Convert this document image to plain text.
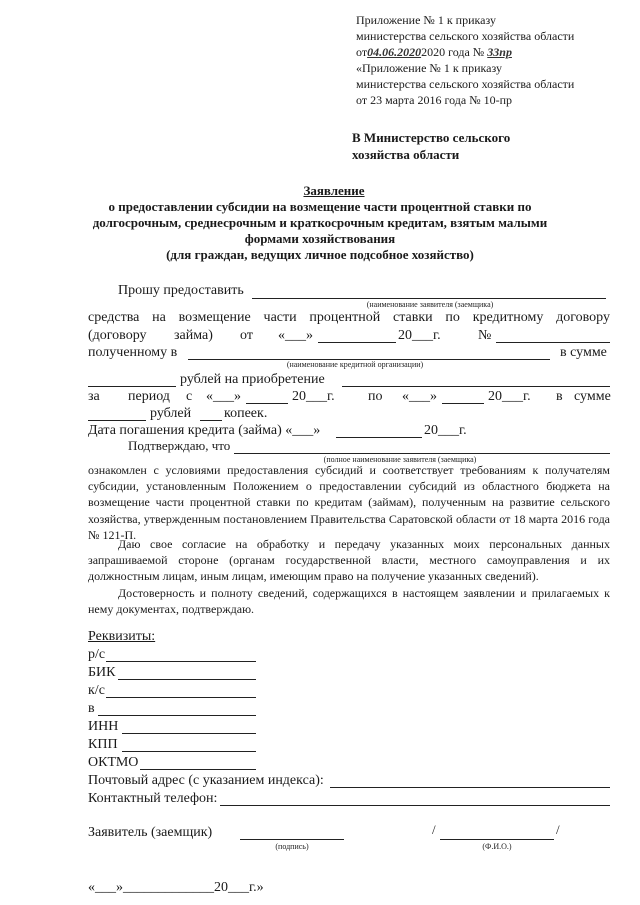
Приложение № 1 к приказу
министерства сельского хозяйства области
от04.06.20202020 года № 33пр
«Приложение № 1 к приказу
министерства сельского хозяйства области
от 23 марта 2016 года № 10-пр
В Министерство сельского
хозяйства области
Заявление
о предоставлении субсидии на возмещение части процентной ставки по
долгосрочным, среднесрочным и краткосрочным кредитам, взятым малыми
формами хозяйствования
(для граждан, ведущих личное подсобное хозяйство)
Прошу предоставить
(наименование заявителя (заемщика)
средства на возмещение части процентной ставки по кредитному договору
(договору займа) от «___»	20___г.	№
полученному в	в сумме
(наименование кредитной организации)
рублей на приобретение
за период с «___»	20___г. по «___»	20___г. в сумме
рублей копеек.
Дата погашения кредита (займа) «___»	20___г.
Подтверждаю, что
(полное наименование заявителя (заемщика)
ознакомлен с условиями предоставления субсидий и соответствует требованиям к получателям субсидии, установленным Положением о предоставлении субсидий из областного бюджета на возмещение части процентной ставки по кредитам (займам), полученным на развитие сельского хозяйства, утвержденным постановлением Правительства Саратовской области от 18 марта 2016 года № 121-П.
Даю свое согласие на обработку и передачу указанных моих персональных данных запрашиваемой стороне (органам государственной власти, местного самоуправления и их должностным лицам, иным лицам, имеющим право на получение указанных сведений).
Достоверность и полноту сведений, содержащихся в настоящем заявлении и прилагаемых к нему документах, подтверждаю.
Реквизиты:
р/с
БИК
к/с
в
ИНН
КПП
ОКТМО
Почтовый адрес (с указанием индекса):
Контактный телефон:
Заявитель (заемщик)
(подпись)
/	/
(Ф.И.О.)
«___»_____________20___г.»
